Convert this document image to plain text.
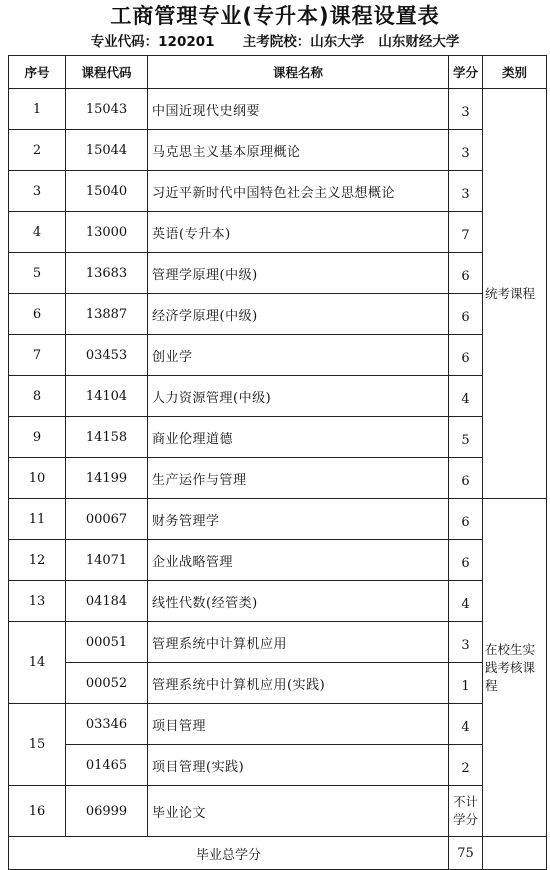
工商管理专业(专升本)课程设置表
专业代码：120201 主考院校：山东大学 山东财经大学
序号	课程代码	课程名称	学分	类别
1	15043	中国近现代史纲要	3	统考课程
2	15044	马克思主义基本原理概论	3	
3	15040	习近平新时代中国特色社会主义思想概论	3	
4	13000	英语(专升本)	7	
5	13683	管理学原理(中级)	6	
6	13887	经济学原理(中级)	6	
7	03453	创业学	6	
8	14104	人力资源管理(中级)	4	
9	14158	商业伦理道德	5	
10	14199	生产运作与管理	6	
11	00067	财务管理学	6	在校生实践考核课程
12	14071	企业战略管理	6	
13	04184	线性代数(经管类)	4	
14	00051	管理系统中计算机应用	3	
	00052	管理系统中计算机应用(实践)	1	
15	03346	项目管理	4	
	01465	项目管理(实践)	2	
16	06999	毕业论文	不计学分	
毕业总学分			75	
